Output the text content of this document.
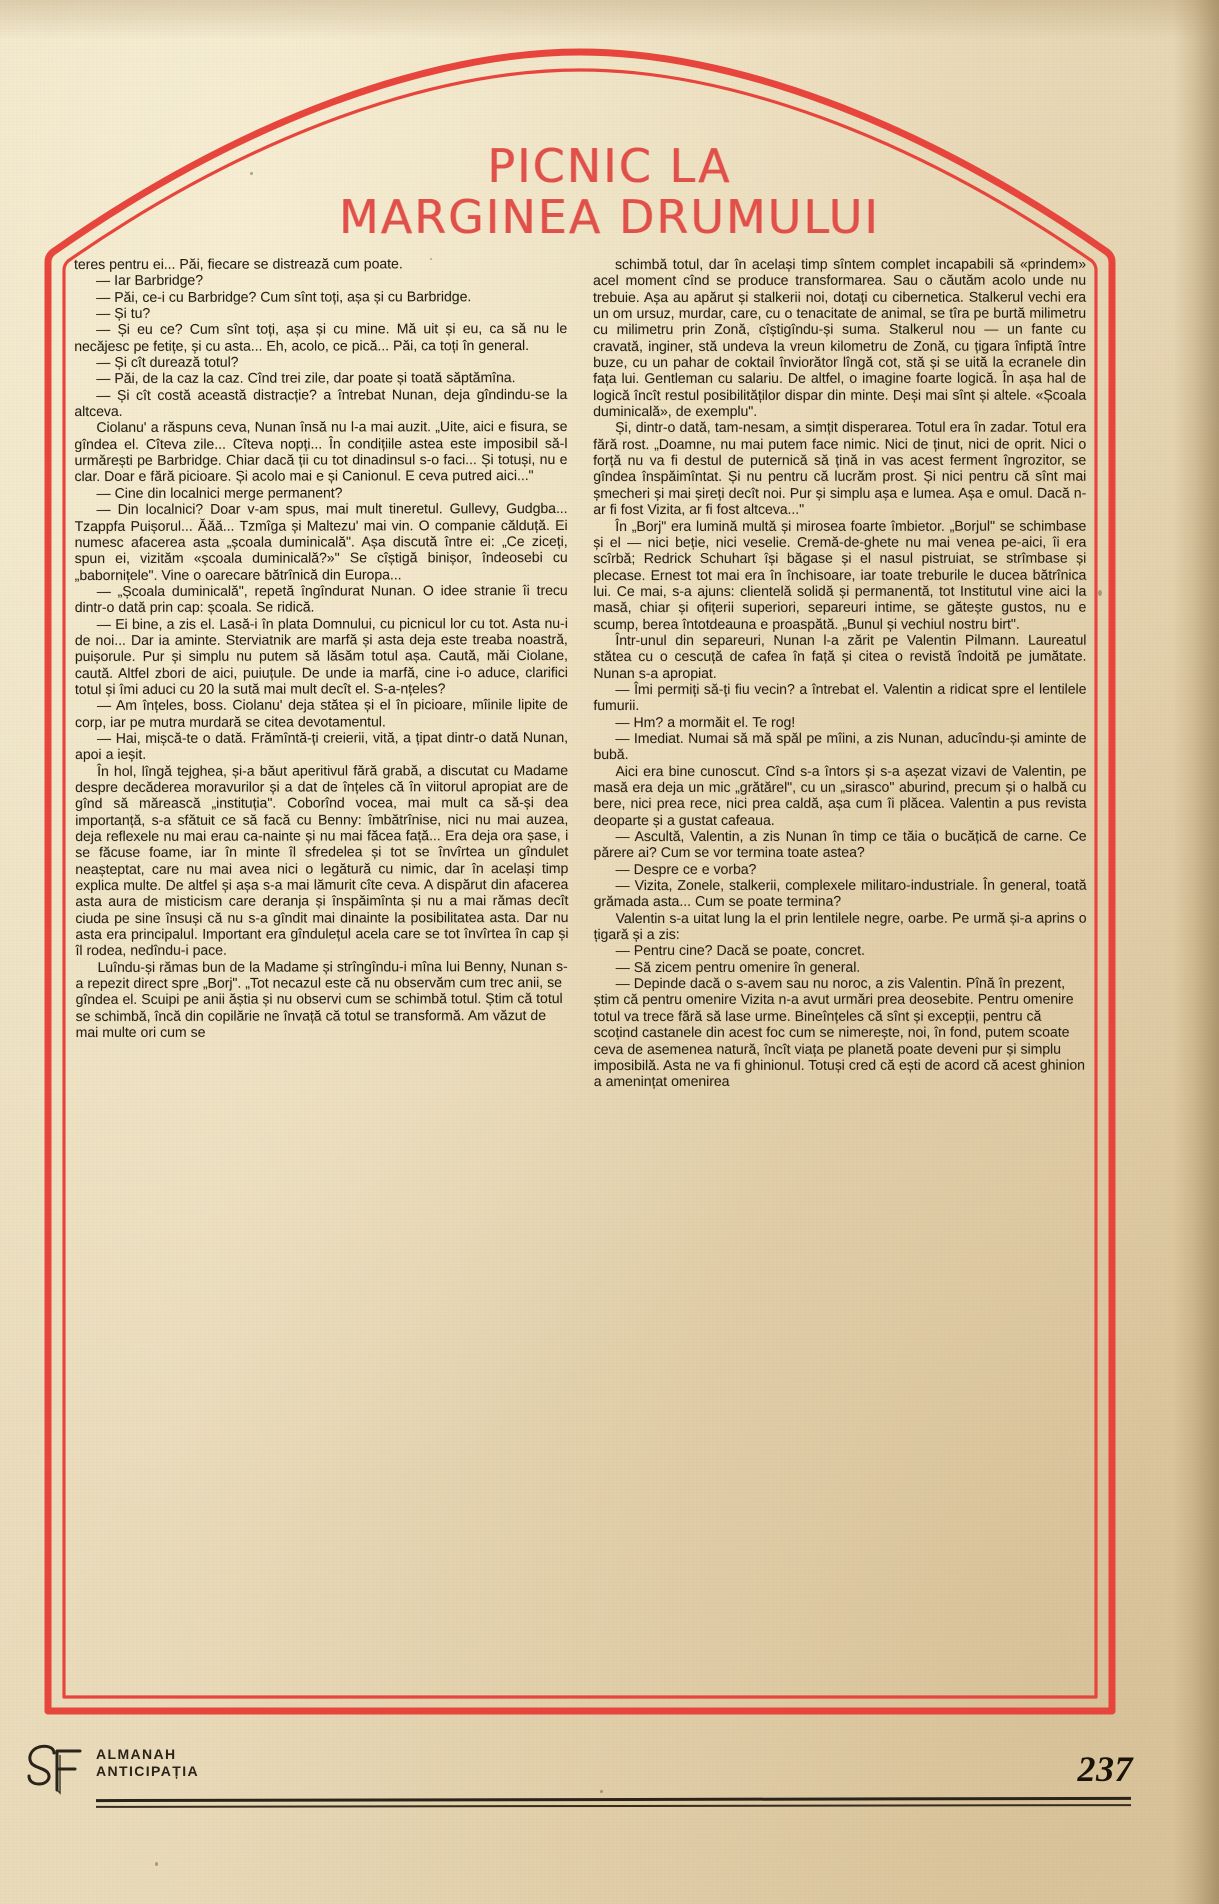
PICNIC LA
MARGINEA DRUMULUI

teres pentru ei... Păi, fiecare se distrează cum poate.

— Iar Barbridge?

— Păi, ce-i cu Barbridge? Cum sînt toți, așa și cu Barbridge.

— Și tu?

— Și eu ce? Cum sînt toți, așa și cu mine. Mă uit și eu, ca să nu le necăjesc pe fetițe, și cu asta... Eh, acolo, ce pică... Păi, ca toți în general.

— Și cît durează totul?

— Păi, de la caz la caz. Cînd trei zile, dar poate și toată săptămîna.

— Și cît costă această distracție? a întrebat Nunan, deja gîndindu-se la altceva.

Ciolanu' a răspuns ceva, Nunan însă nu l-a mai auzit. „Uite, aici e fisura, se gîndea el. Cîteva zile... Cîteva nopți... În condițiile astea este imposibil să-l urmărești pe Barbridge. Chiar dacă ții cu tot dinadinsul s-o faci... Și totuși, nu e clar. Doar e fără picioare. Și acolo mai e și Canionul. E ceva putred aici..."

— Cine din localnici merge permanent?

— Din localnici? Doar v-am spus, mai mult tineretul. Gullevy, Gudgba... Tzappfa Puișorul... Ăăă... Tzmîga și Maltezu' mai vin. O companie călduță. Ei numesc afacerea asta „școala duminicală". Așa discută între ei: „Ce ziceți, spun ei, vizităm «școala duminicală?»" Se cîștigă binișor, îndeosebi cu „babornițele". Vine o oarecare bătrînică din Europa...

— „Școala duminicală", repetă îngîndurat Nunan. O idee stranie îi trecu dintr-o dată prin cap: școala. Se ridică.

— Ei bine, a zis el. Lasă-i în plata Domnului, cu picnicul lor cu tot. Asta nu-i de noi... Dar ia aminte. Sterviatnik are marfă și asta deja este treaba noastră, puișorule. Pur și simplu nu putem să lăsăm totul așa. Caută, măi Ciolane, caută. Altfel zbori de aici, puiuțule. De unde ia marfă, cine i-o aduce, clarifici totul și îmi aduci cu 20 la sută mai mult decît el. S-a-nțeles?

— Am înțeles, boss. Ciolanu' deja stătea și el în picioare, mîinile lipite de corp, iar pe mutra murdară se citea devotamentul.

— Hai, mișcă-te o dată. Frămîntă-ți creierii, vită, a țipat dintr-o dată Nunan, apoi a ieșit.

În hol, lîngă tejghea, și-a băut aperitivul fără grabă, a discutat cu Madame despre decăderea moravurilor și a dat de înțeles că în viitorul apropiat are de gînd să mărească „instituția". Coborînd vocea, mai mult ca să-și dea importanță, s-a sfătuit ce să facă cu Benny: îmbătrînise, nici nu mai auzea, deja reflexele nu mai erau ca-nainte și nu mai făcea față... Era deja ora șase, i se făcuse foame, iar în minte îl sfredelea și tot se învîrtea un gîndulet neașteptat, care nu mai avea nici o legătură cu nimic, dar în același timp explica multe. De altfel și așa s-a mai lămurit cîte ceva. A dispărut din afacerea asta aura de misticism care deranja și înspăimînta și nu a mai rămas decît ciuda pe sine însuși că nu s-a gîndit mai dinainte la posibilitatea asta. Dar nu asta era principalul. Important era gîndulețul acela care se tot învîrtea în cap și îl rodea, nedîndu-i pace.

Luîndu-și rămas bun de la Madame și strîngîndu-i mîna lui Benny, Nunan s-a repezit direct spre „Borj". „Tot necazul este că nu observăm cum trec anii, se gîndea el. Scuipi pe anii ăștia și nu observi cum se schimbă totul. Știm că totul se schimbă, încă din copilărie ne învață că totul se transformă. Am văzut de mai multe ori cum se

schimbă totul, dar în același timp sîntem complet incapabili să «prindem» acel moment cînd se produce transformarea. Sau o căutăm acolo unde nu trebuie. Așa au apărut și stalkerii noi, dotați cu cibernetica. Stalkerul vechi era un om ursuz, murdar, care, cu o tenacitate de animal, se tîra pe burtă milimetru cu milimetru prin Zonă, cîștigîndu-și suma. Stalkerul nou — un fante cu cravată, inginer, stă undeva la vreun kilometru de Zonă, cu țigara înfiptă între buze, cu un pahar de coktail înviorător lîngă cot, stă și se uită la ecranele din fața lui. Gentleman cu salariu. De altfel, o imagine foarte logică. În așa hal de logică încît restul posibilităților dispar din minte. Deși mai sînt și altele. «Școala duminicală», de exemplu".

Și, dintr-o dată, tam-nesam, a simțit disperarea. Totul era în zadar. Totul era fără rost. „Doamne, nu mai putem face nimic. Nici de ținut, nici de oprit. Nici o forță nu va fi destul de puternică să țină in vas acest ferment îngrozitor, se gîndea înspăimîntat. Și nu pentru că lucrăm prost. Și nici pentru că sînt mai șmecheri și mai șireți decît noi. Pur și simplu așa e lumea. Așa e omul. Dacă n-ar fi fost Vizita, ar fi fost altceva..."

În „Borj" era lumină multă și mirosea foarte îmbietor. „Borjul" se schimbase și el — nici beție, nici veselie. Cremă-de-ghete nu mai venea pe-aici, îi era scîrbă; Redrick Schuhart își băgase și el nasul pistruiat, se strîmbase și plecase. Ernest tot mai era în închisoare, iar toate treburile le ducea bătrînica lui. Ce mai, s-a ajuns: clientelă solidă și permanentă, tot Institutul vine aici la masă, chiar și ofițerii superiori, separeuri intime, se gătește gustos, nu e scump, berea întotdeauna e proaspătă. „Bunul și vechiul nostru birt".

Într-unul din separeuri, Nunan l-a zărit pe Valentin Pilmann. Laureatul stătea cu o cescuță de cafea în față și citea o revistă îndoită pe jumătate. Nunan s-a apropiat.

— Îmi permiți să-ți fiu vecin? a întrebat el. Valentin a ridicat spre el lentilele fumurii.

— Hm? a mormăit el. Te rog!

— Imediat. Numai să mă spăl pe mîini, a zis Nunan, aducîndu-și aminte de bubă.

Aici era bine cunoscut. Cînd s-a întors și s-a așezat vizavi de Valentin, pe masă era deja un mic „grătărel", cu un „sirasco" aburind, precum și o halbă cu bere, nici prea rece, nici prea caldă, așa cum îi plăcea. Valentin a pus revista deoparte și a gustat cafeaua.

— Ascultă, Valentin, a zis Nunan în timp ce tăia o bucățică de carne. Ce părere ai? Cum se vor termina toate astea?

— Despre ce e vorba?

— Vizita, Zonele, stalkerii, complexele militaro-industriale. În general, toată grămada asta... Cum se poate termina?

Valentin s-a uitat lung la el prin lentilele negre, oarbe. Pe urmă și-a aprins o țigară și a zis:

— Pentru cine? Dacă se poate, concret.

— Să zicem pentru omenire în general.

— Depinde dacă o s-avem sau nu noroc, a zis Valentin. Pînă în prezent, știm că pentru omenire Vizita n-a avut urmări prea deosebite. Pentru omenire totul va trece fără să lase urme. Bineînțeles că sînt și excepții, pentru că scoțind castanele din acest foc cum se nimerește, noi, în fond, putem scoate ceva de asemenea natură, încît viața pe planetă poate deveni pur și simplu imposibilă. Asta ne va fi ghinionul. Totuși cred că ești de acord că acest ghinion a amenințat omenirea

ALMANAH
ANTICIPAȚIA	237
